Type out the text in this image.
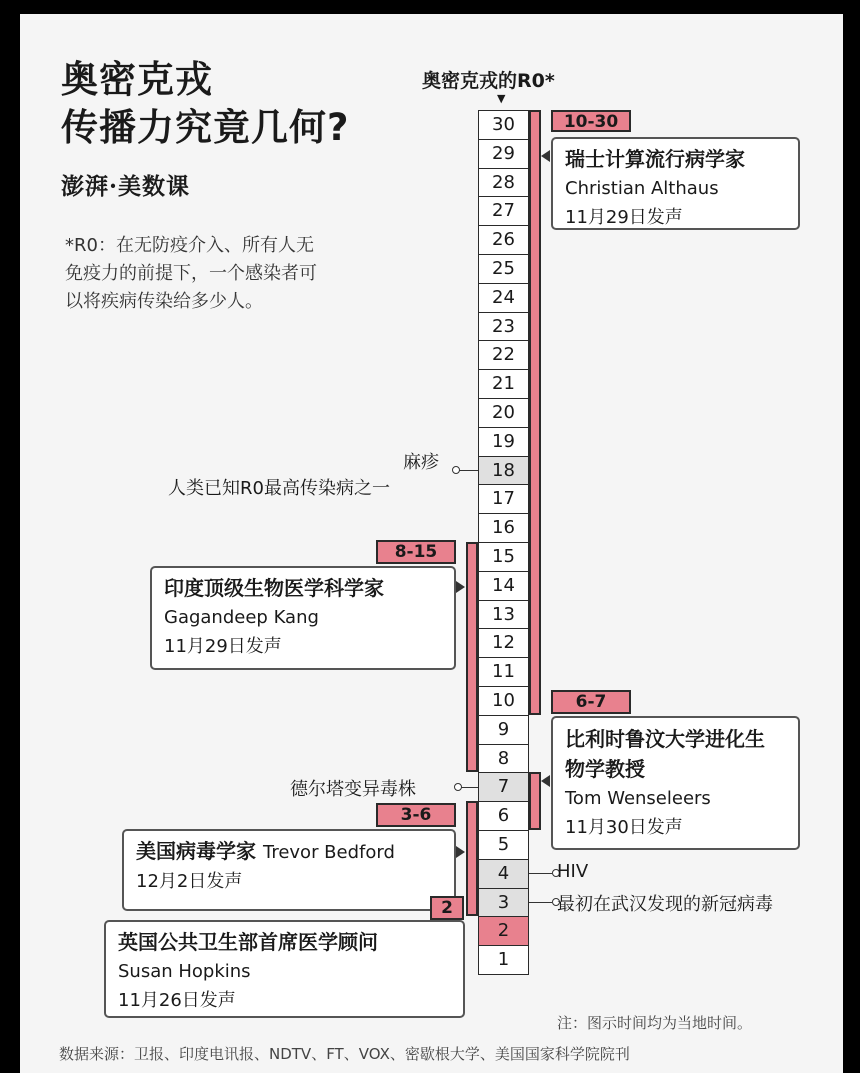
奥密克戎
传播力究竟几何?
澎湃·美数课
*R0：在无防疫介入、所有人无免疫力的前提下，一个感染者可以将疾病传染给多少人。
奥密克戎的R0*
▼
1
2
3
4
5
6
7
8
9
10
11
12
13
14
15
16
17
18
19
20
21
22
23
24
25
26
27
28
29
30	10-30
瑞士计算流行病学家
Christian Althaus
11月29日发声
8-15
印度顶级生物医学科学家
Gagandeep Kang
11月29日发声
6-7
比利时鲁汶大学进化生物学教授
Tom Wenseleers
11月30日发声
3-6
美国病毒学家 Trevor Bedford
12月2日发声
2
英国公共卫生部首席医学顾问
Susan Hopkins
11月26日发声
麻疹
人类已知R0最高传染病之一
德尔塔变异毒株
HIV
最初在武汉发现的新冠病毒
注：图示时间均为当地时间。
数据来源：卫报、印度电讯报、NDTV、FT、VOX、密歇根大学、美国国家科学院院刊
